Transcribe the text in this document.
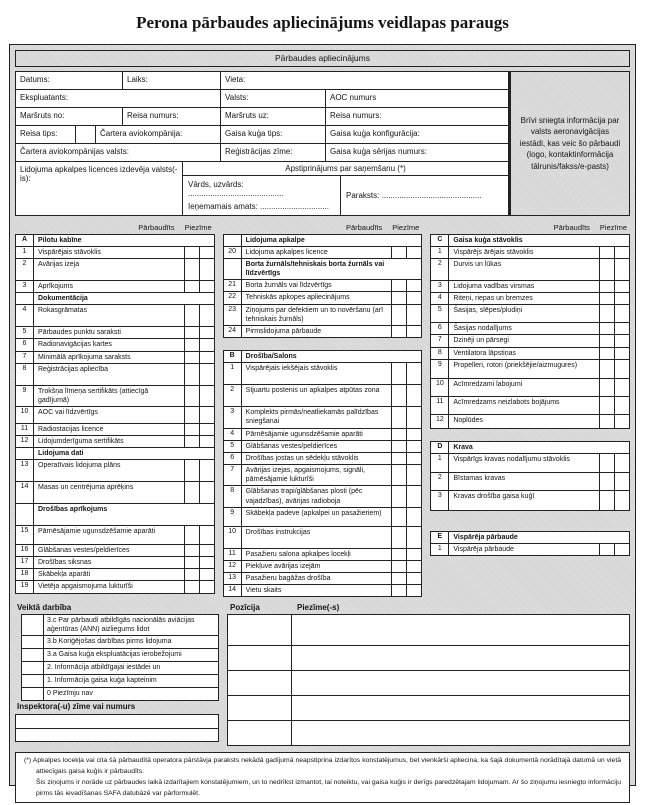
Perona pārbaudes apliecinājums veidlapas paraugs
Pārbaudes apliecinājums
Datums:	Laiks:	Vieta:
Ekspluatants:	Valsts:	AOC numurs
Maršruts no:	Reisa numurs:	Maršruts uz:	Reisa numurs:
Reisa tips:	Čartera aviokompānija:	Gaisa kuģa tips:	Gaisa kuģa konfigurācija:
Čartera aviokompānijas valsts:	Reģistrācijas zīme:	Gaisa kuģa sērijas numurs:
Lidojuma apkalpes licences izdevēja valsts(-is):
Apstiprinājums par saņemšanu (*)
Vārds, uzvārds: ...........................................
Ieņemamais amats: ...............................
Paraksts: .............................................
Brīvi sniegta informācija par valsts aeronavigācijas iestādi, kas veic šo pārbaudi (logo, kontaktinformācija tālrunis/fakss/e-pasts)
Pārbaudīts Piezīme
A	Pilotu kabīne
1	Vispārējais stāvoklis
2	Avārijas izeja
3	Aprīkojums
Dokumentācija
4	Rokasgrāmatas
5	Pārbaudes punktu saraksti
6	Radionavigācijas kartes
7	Minimālā aprīkojuma saraksts
8	Reģistrācijas apliecība
9	Trokšņa līmeņa sertifikāts (attiecīgā gadījumā)
10	AOC vai līdzvērtīgs
11	Radiostacijas licence
12	Lidojumderīguma sertifikāts
Lidojuma dati
13	Operatīvais lidojuma plāns
14	Masas un centrējuma aprēķins
Drošības aprīkojums
15	Pārnēsājamie ugunsdzēšamie aparāti
16	Glābšanas vestes/peldierīces
17	Drošības siksnas
18	Skābekļa aparāti
19	Vietēja apgaismojuma lukturīši
Pārbaudīts Piezīme
Lidojuma apkalpe
20	Lidojuma apkalpes licence
Borta žurnāls/tehniskais borta žurnāls vai līdzvērtīgs
21	Borta žurnāls vai līdzvērtīgs
22	Tehniskās apkopes apliecinājums
23	Ziņojums par defektiem un to novēršanu (arī tehniskais žurnāls)
24	Pirmslidojuma pārbaude
B	Drošība/Salons
1	Vispārējais iekšējais stāvoklis
2	Stjuartu postenis un apkalpes atpūtas zona
3	Komplekts pirmās/neatliekamās palīdzības sniegšanai
4	Pārnēsājamie ugunsdzēšamie aparāti
5	Glābšanas vestes/peldierīces
6	Drošības jostas un sēdekļu stāvoklis
7	Avārijas izejas, apgaismojums, signāli, pārnēsājamie lukturīši
8	Glābšanas trapi/glābšanas plosti (pēc vajadzības), avārijas radioboja
9	Skābekļa padeve (apkalpei un pasažieriem)
10	Drošības instrukcijas
11	Pasažieru salona apkalpes locekļi
12	Piekļuve avārijas izejām
13	Pasažieru bagāžas drošība
14	Vietu skaits
Pārbaudīts Piezīme
C	Gaisa kuģa stāvoklis
1	Vispārējs ārējais stāvoklis
2	Durvis un lūkas
3	Lidojuma vadības virsmas
4	Riteņi, riepas un bremzes
5	Šasijas, slēpes/pludiņi
6	Šasijas nodalījums
7	Dzinēji un pārsegi
8	Ventilatora lāpstiņas
9	Propelleri, rotori (priekšējie/aizmugures)
10	Acīmredzami labojumi
11	Acīmredzams neizlabots bojājums
12	Noplūdes
D	Krava
1	Vispārīgs kravas nodalījumu stāvoklis
2	Bīstamas kravas
3	Kravas drošība gaisa kuģī
E	Vispārēja pārbaude
1	Vispārēja pārbaude
Veiktā darbība
3.c Par pārbaudi atbildīgās nacionālās aviācijas aģentūras (ANN) aizliegums lidot
3.b Koriģējošas darbības pirms lidojuma
3.a Gaisa kuģa ekspluatācijas ierobežojumi
2. Informācija atbildīgajai iestādei un
1. Informācija gaisa kuģa kapteinim
0 Piezīmju nav
Inspektora(-u) zīme vai numurs
Pozīcija	Piezīme(-s)

(*) Apkalpes locekļa vai cita šā pārbaudītā operatora pārstāvja paraksts nekādā gadījumā neapstiprina izdarītos konstatējumus, bet vienkārši apliecina, ka šajā dokumentā norādītajā datumā un vietā attiecīgais gaisa kuģis ir pārbaudīts.

Šis ziņojums ir norāde uz pārbaudes laikā izdarītajiem konstatējumiem, un to nedrīkst izmantot, lai noteiktu, vai gaisa kuģis ir derīgs paredzētajam lidojumam. Ar šo ziņojumu iesniegto informāciju pirms tās ievadīšanas SAFA datubāzē var pārformulēt.
